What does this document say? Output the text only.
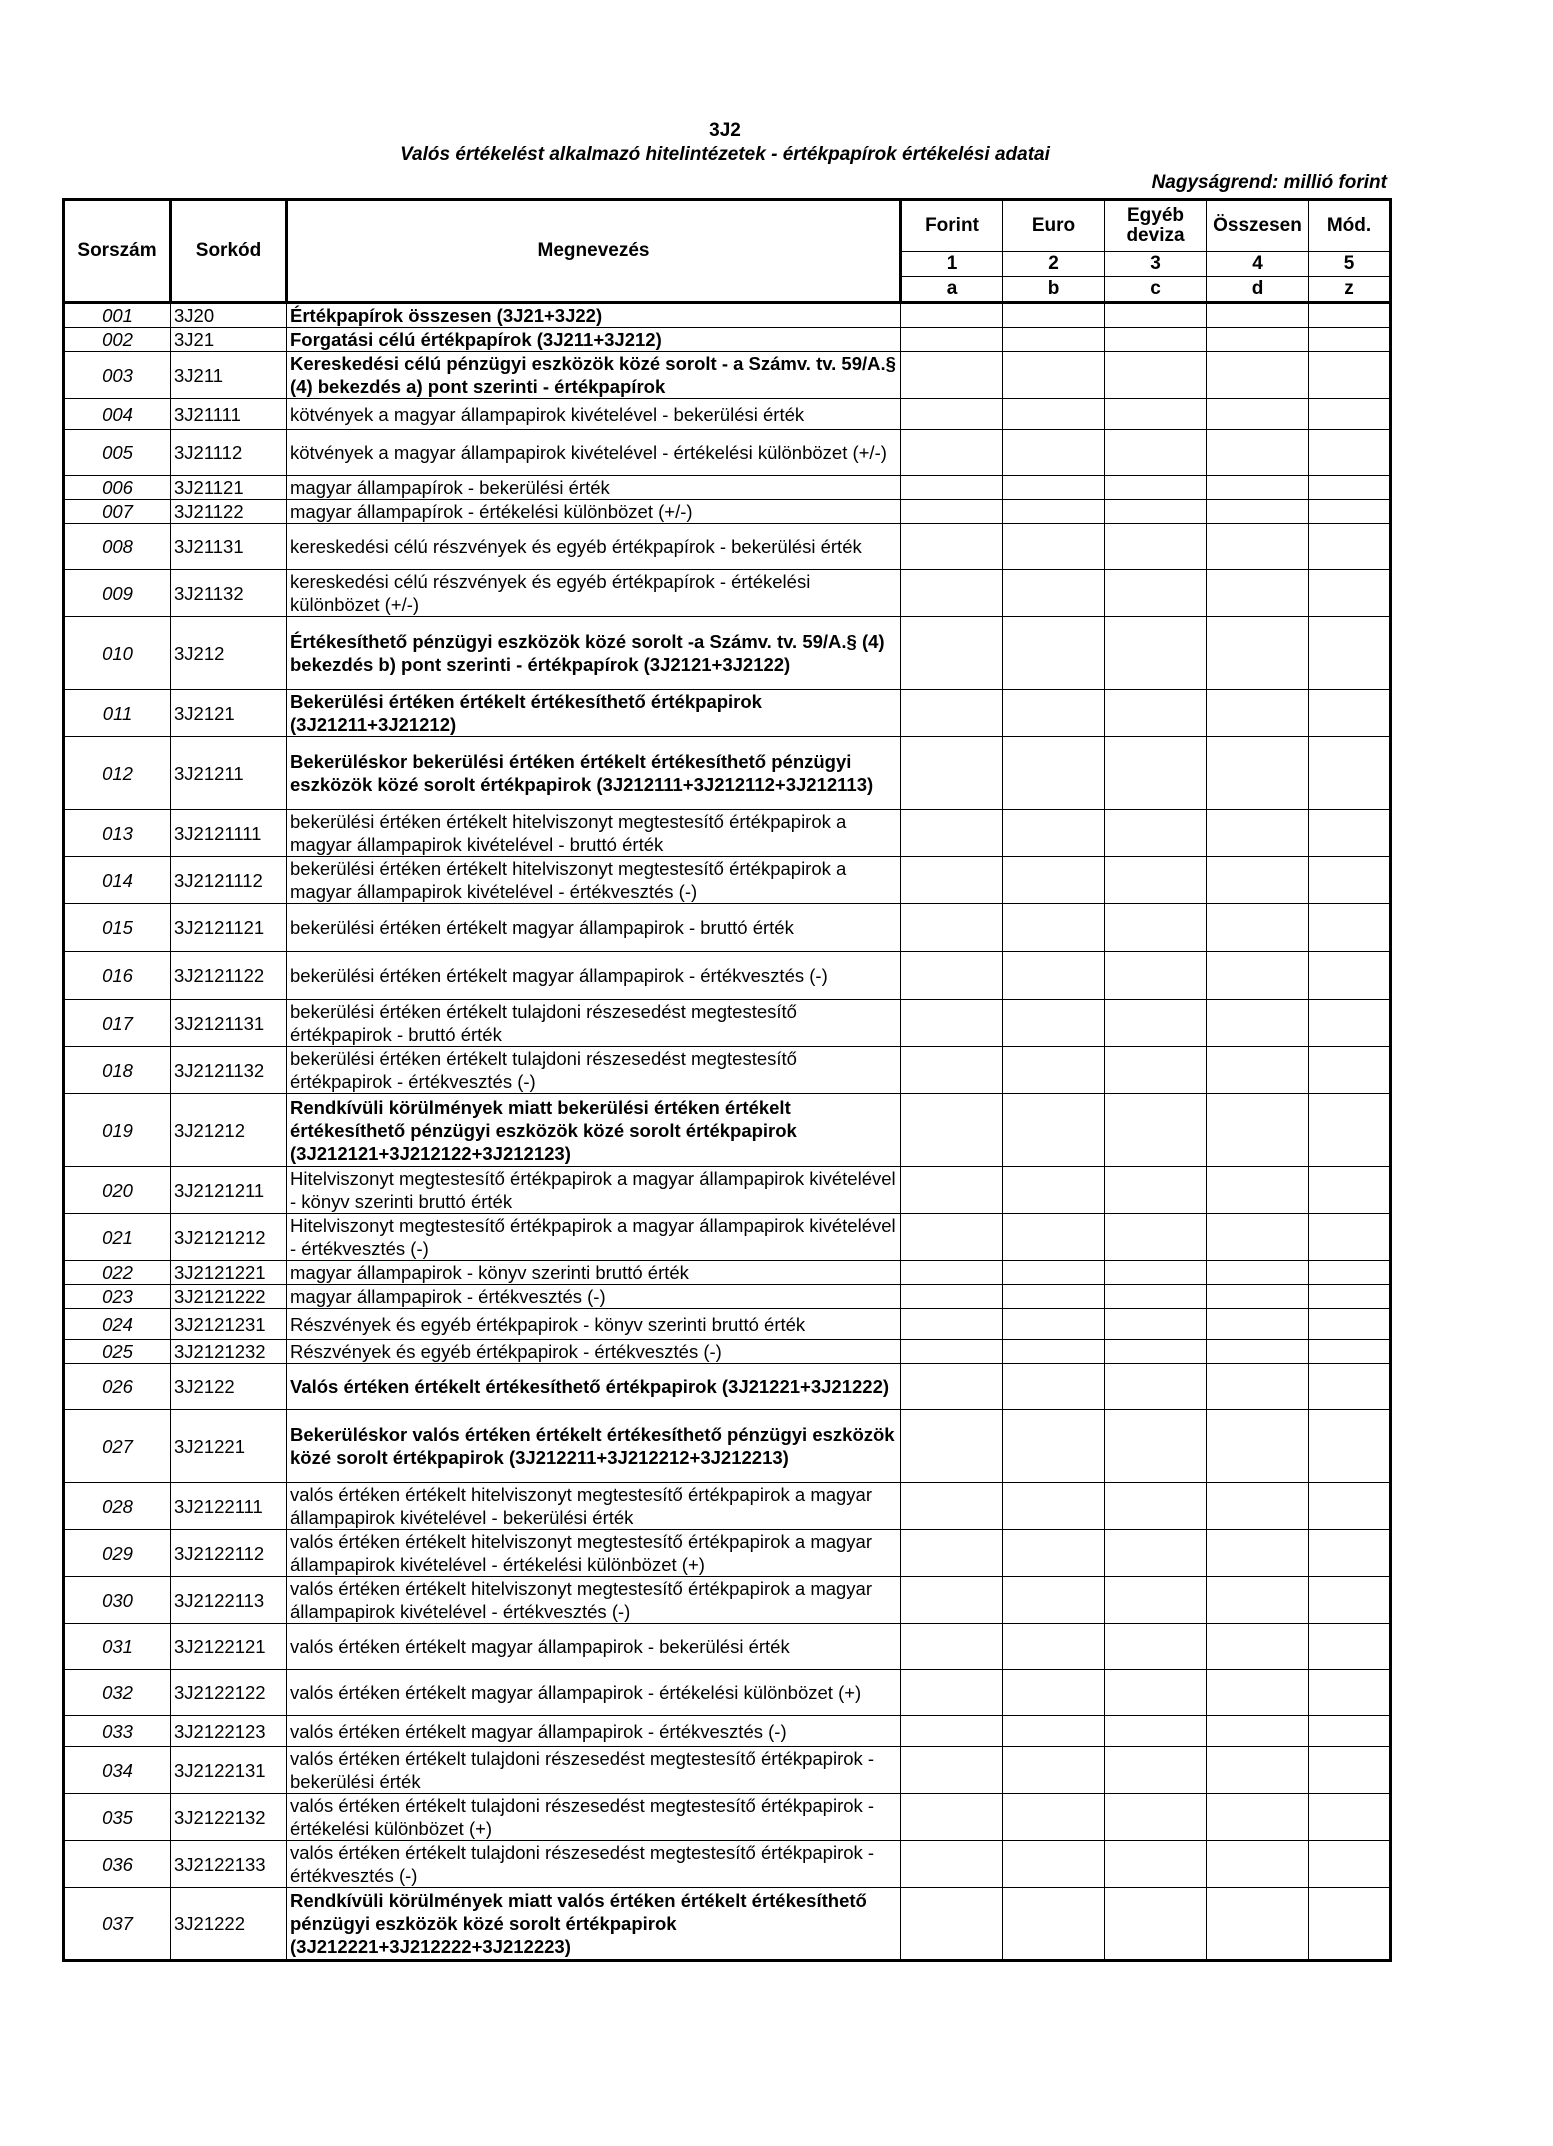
3J2
Valós értékelést alkalmazó hitelintézetek - értékpapírok értékelési adatai
Nagyságrend: millió forint
Sorszám	Sorkód	Megnevezés	Forint	Euro	Egyéb deviza	Összesen	Mód.
			1	2	3	4	5
			a	b	c	d	z
001	3J20	Értékpapírok összesen (3J21+3J22)					
002	3J21	Forgatási célú értékpapírok (3J211+3J212)					
003	3J211	Kereskedési célú pénzügyi eszközök közé sorolt - a Számv. tv. 59/A.§ (4) bekezdés a) pont szerinti - értékpapírok					
004	3J21111	kötvények a magyar állampapirok kivételével - bekerülési érték					
005	3J21112	kötvények a magyar állampapirok kivételével - értékelési különbözet (+/-)					
006	3J21121	magyar állampapírok - bekerülési érték					
007	3J21122	magyar állampapírok - értékelési különbözet (+/-)					
008	3J21131	kereskedési célú részvények és egyéb értékpapírok - bekerülési érték					
009	3J21132	kereskedési célú részvények és egyéb értékpapírok - értékelési különbözet (+/-)					
010	3J212	Értékesíthető pénzügyi eszközök közé sorolt -a Számv. tv. 59/A.§ (4) bekezdés b) pont szerinti - értékpapírok (3J2121+3J2122)					
011	3J2121	Bekerülési értéken értékelt értékesíthető értékpapirok (3J21211+3J21212)					
012	3J21211	Bekerüléskor bekerülési értéken értékelt értékesíthető pénzügyi eszközök közé sorolt értékpapirok (3J212111+3J212112+3J212113)					
013	3J2121111	bekerülési értéken értékelt hitelviszonyt megtestesítő értékpapirok a magyar állampapirok kivételével - bruttó érték					
014	3J2121112	bekerülési értéken értékelt hitelviszonyt megtestesítő értékpapirok a magyar állampapirok kivételével - értékvesztés (-)					
015	3J2121121	bekerülési értéken értékelt magyar állampapirok - bruttó érték					
016	3J2121122	bekerülési értéken értékelt magyar állampapirok - értékvesztés (-)					
017	3J2121131	bekerülési értéken értékelt tulajdoni részesedést megtestesítő értékpapirok - bruttó érték					
018	3J2121132	bekerülési értéken értékelt tulajdoni részesedést megtestesítő értékpapirok - értékvesztés (-)					
019	3J21212	Rendkívüli körülmények miatt bekerülési értéken értékelt értékesíthető pénzügyi eszközök közé sorolt értékpapirok (3J212121+3J212122+3J212123)					
020	3J2121211	Hitelviszonyt megtestesítő értékpapirok a magyar állampapirok kivételével - könyv szerinti bruttó érték					
021	3J2121212	Hitelviszonyt megtestesítő értékpapirok a magyar állampapirok kivételével - értékvesztés (-)					
022	3J2121221	magyar állampapirok - könyv szerinti bruttó érték					
023	3J2121222	magyar állampapirok - értékvesztés (-)					
024	3J2121231	Részvények és egyéb értékpapirok - könyv szerinti bruttó érték					
025	3J2121232	Részvények és egyéb értékpapirok - értékvesztés (-)					
026	3J2122	Valós értéken értékelt értékesíthető értékpapirok (3J21221+3J21222)					
027	3J21221	Bekerüléskor valós értéken értékelt értékesíthető pénzügyi eszközök közé sorolt értékpapirok (3J212211+3J212212+3J212213)					
028	3J2122111	valós értéken értékelt hitelviszonyt megtestesítő értékpapirok a magyar állampapirok kivételével - bekerülési érték					
029	3J2122112	valós értéken értékelt hitelviszonyt megtestesítő értékpapirok a magyar állampapirok kivételével - értékelési különbözet (+)					
030	3J2122113	valós értéken értékelt hitelviszonyt megtestesítő értékpapirok a magyar állampapirok kivételével - értékvesztés (-)					
031	3J2122121	valós értéken értékelt magyar állampapirok - bekerülési érték					
032	3J2122122	valós értéken értékelt magyar állampapirok - értékelési különbözet (+)					
033	3J2122123	valós értéken értékelt magyar állampapirok - értékvesztés (-)					
034	3J2122131	valós értéken értékelt tulajdoni részesedést megtestesítő értékpapirok - bekerülési érték					
035	3J2122132	valós értéken értékelt tulajdoni részesedést megtestesítő értékpapirok - értékelési különbözet (+)					
036	3J2122133	valós értéken értékelt tulajdoni részesedést megtestesítő értékpapirok - értékvesztés (-)					
037	3J21222	Rendkívüli körülmények miatt valós értéken értékelt értékesíthető pénzügyi eszközök közé sorolt értékpapirok (3J212221+3J212222+3J212223)					
